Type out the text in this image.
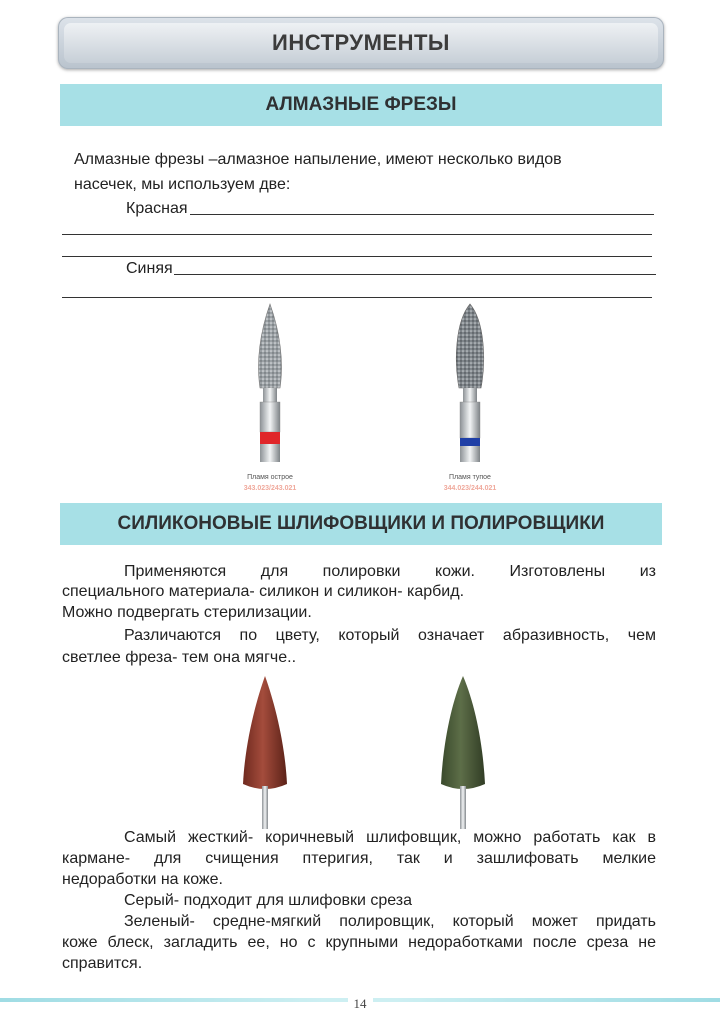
ИНСТРУМЕНТЫ
АЛМАЗНЫЕ ФРЕЗЫ
Алмазные фрезы –алмазное напыление, имеют несколько видов
насечек, мы используем две:
Красная
Синяя
Пламя острое
343.023/243.021
Пламя тупое
344.023/244.021
СИЛИКОНОВЫЕ ШЛИФОВЩИКИ И ПОЛИРОВЩИКИ
Применяются для полировки кожи. Изготовлены из
специального материала- силикон и силикон- карбид.
Можно подвергать стерилизации.
Различаются по цвету, который означает абразивность, чем
светлее фреза- тем она мягче..
Самый жесткий- коричневый шлифовщик, можно работать как в
кармане- для счищения птеригия, так и зашлифовать мелкие
недоработки на коже.
Серый- подходит для шлифовки среза
Зеленый- средне-мягкий полировщик, который может придать
коже блеск, загладить ее, но с крупными недоработками после среза не
справится.
14
